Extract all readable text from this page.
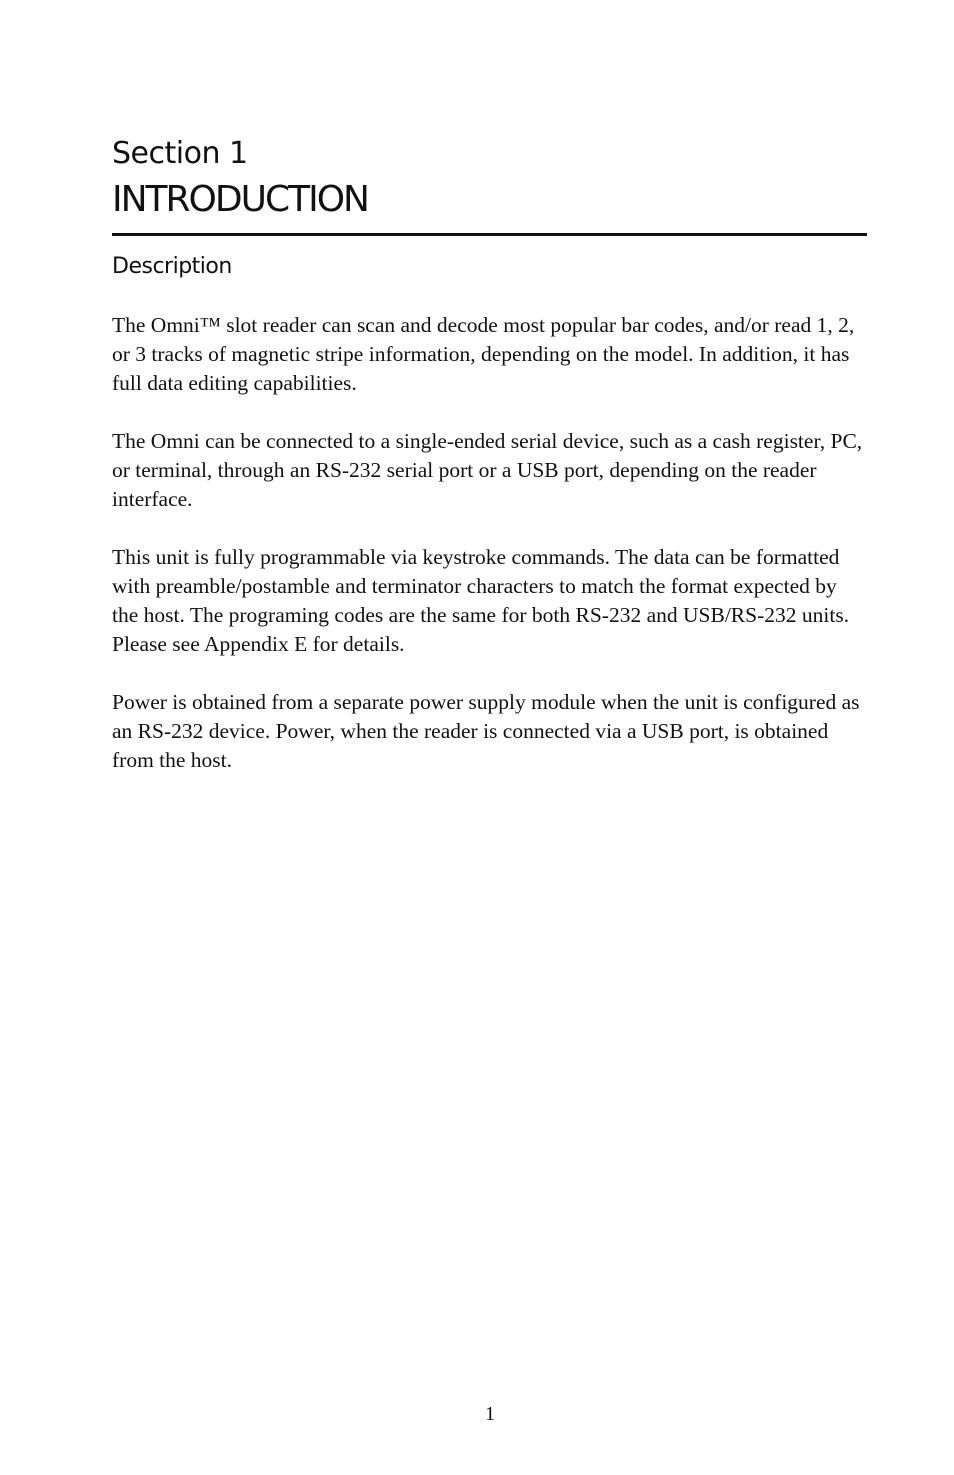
Section 1
INTRODUCTION
Description

The Omni™ slot reader can scan and decode most popular bar codes, and/or read 1, 2, or 3 tracks of magnetic stripe information, depending on the model. In addition, it has full data editing capabilities.

The Omni can be connected to a single-ended serial device, such as a cash register, PC, or terminal, through an RS-232 serial port or a USB port, depending on the reader interface.

This unit is fully programmable via keystroke commands. The data can be formatted with preamble/postamble and terminator characters to match the format expected by the host. The programing codes are the same for both RS-232 and USB/RS-232 units. Please see Appendix E for details.

Power is obtained from a separate power supply module when the unit is configured as an RS-232 device. Power, when the reader is connected via a USB port, is obtained from the host.

1
